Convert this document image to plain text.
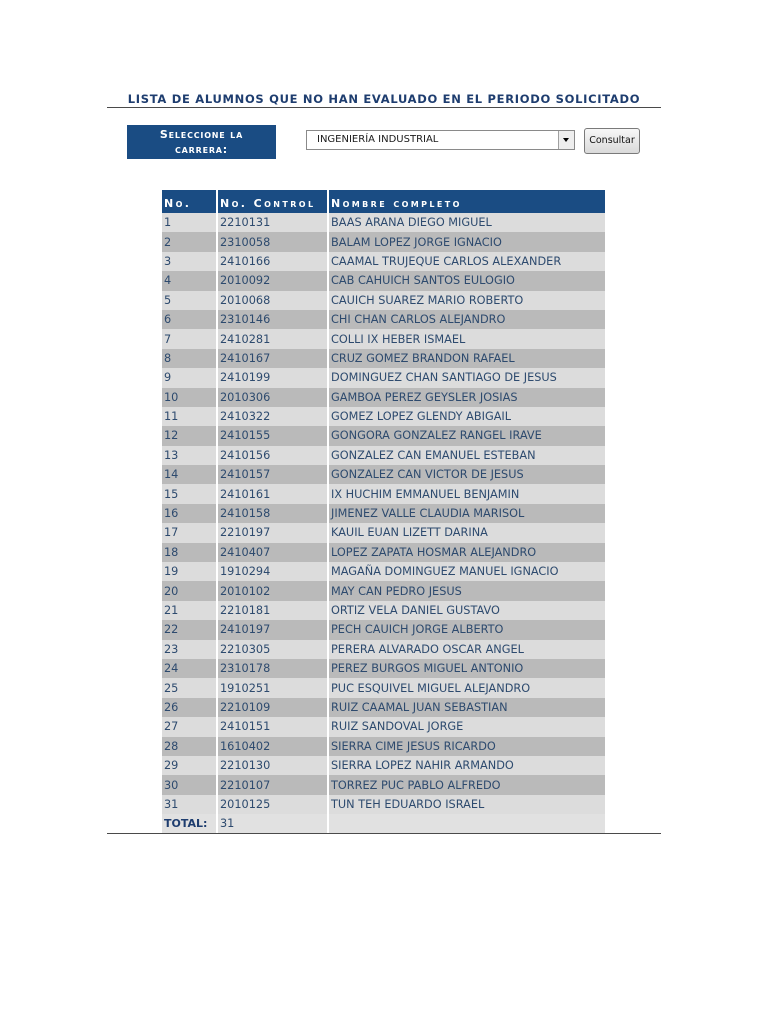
LISTA DE ALUMNOS QUE NO HAN EVALUADO EN EL PERIODO SOLICITADO
Seleccione la carrera:
INGENIERÍA INDUSTRIAL	Consultar
No.	No. Control	Nombre completo
1	2210131	BAAS ARANA DIEGO MIGUEL
2	2310058	BALAM LOPEZ JORGE IGNACIO
3	2410166	CAAMAL TRUJEQUE CARLOS ALEXANDER
4	2010092	CAB CAHUICH SANTOS EULOGIO
5	2010068	CAUICH SUAREZ MARIO ROBERTO
6	2310146	CHI CHAN CARLOS ALEJANDRO
7	2410281	COLLI IX HEBER ISMAEL
8	2410167	CRUZ GOMEZ BRANDON RAFAEL
9	2410199	DOMINGUEZ CHAN SANTIAGO DE JESUS
10	2010306	GAMBOA PEREZ GEYSLER JOSIAS
11	2410322	GOMEZ LOPEZ GLENDY ABIGAIL
12	2410155	GONGORA GONZALEZ RANGEL IRAVE
13	2410156	GONZALEZ CAN EMANUEL ESTEBAN
14	2410157	GONZALEZ CAN VICTOR DE JESUS
15	2410161	IX HUCHIM EMMANUEL BENJAMIN
16	2410158	JIMENEZ VALLE CLAUDIA MARISOL
17	2210197	KAUIL EUAN LIZETT DARINA
18	2410407	LOPEZ ZAPATA HOSMAR ALEJANDRO
19	1910294	MAGAÑA DOMINGUEZ MANUEL IGNACIO
20	2010102	MAY CAN PEDRO JESUS
21	2210181	ORTIZ VELA DANIEL GUSTAVO
22	2410197	PECH CAUICH JORGE ALBERTO
23	2210305	PERERA ALVARADO OSCAR ANGEL
24	2310178	PEREZ BURGOS MIGUEL ANTONIO
25	1910251	PUC ESQUIVEL MIGUEL ALEJANDRO
26	2210109	RUIZ CAAMAL JUAN SEBASTIAN
27	2410151	RUIZ SANDOVAL JORGE
28	1610402	SIERRA CIME JESUS RICARDO
29	2210130	SIERRA LOPEZ NAHIR ARMANDO
30	2210107	TORREZ PUC PABLO ALFREDO
31	2010125	TUN TEH EDUARDO ISRAEL
TOTAL:	31	
